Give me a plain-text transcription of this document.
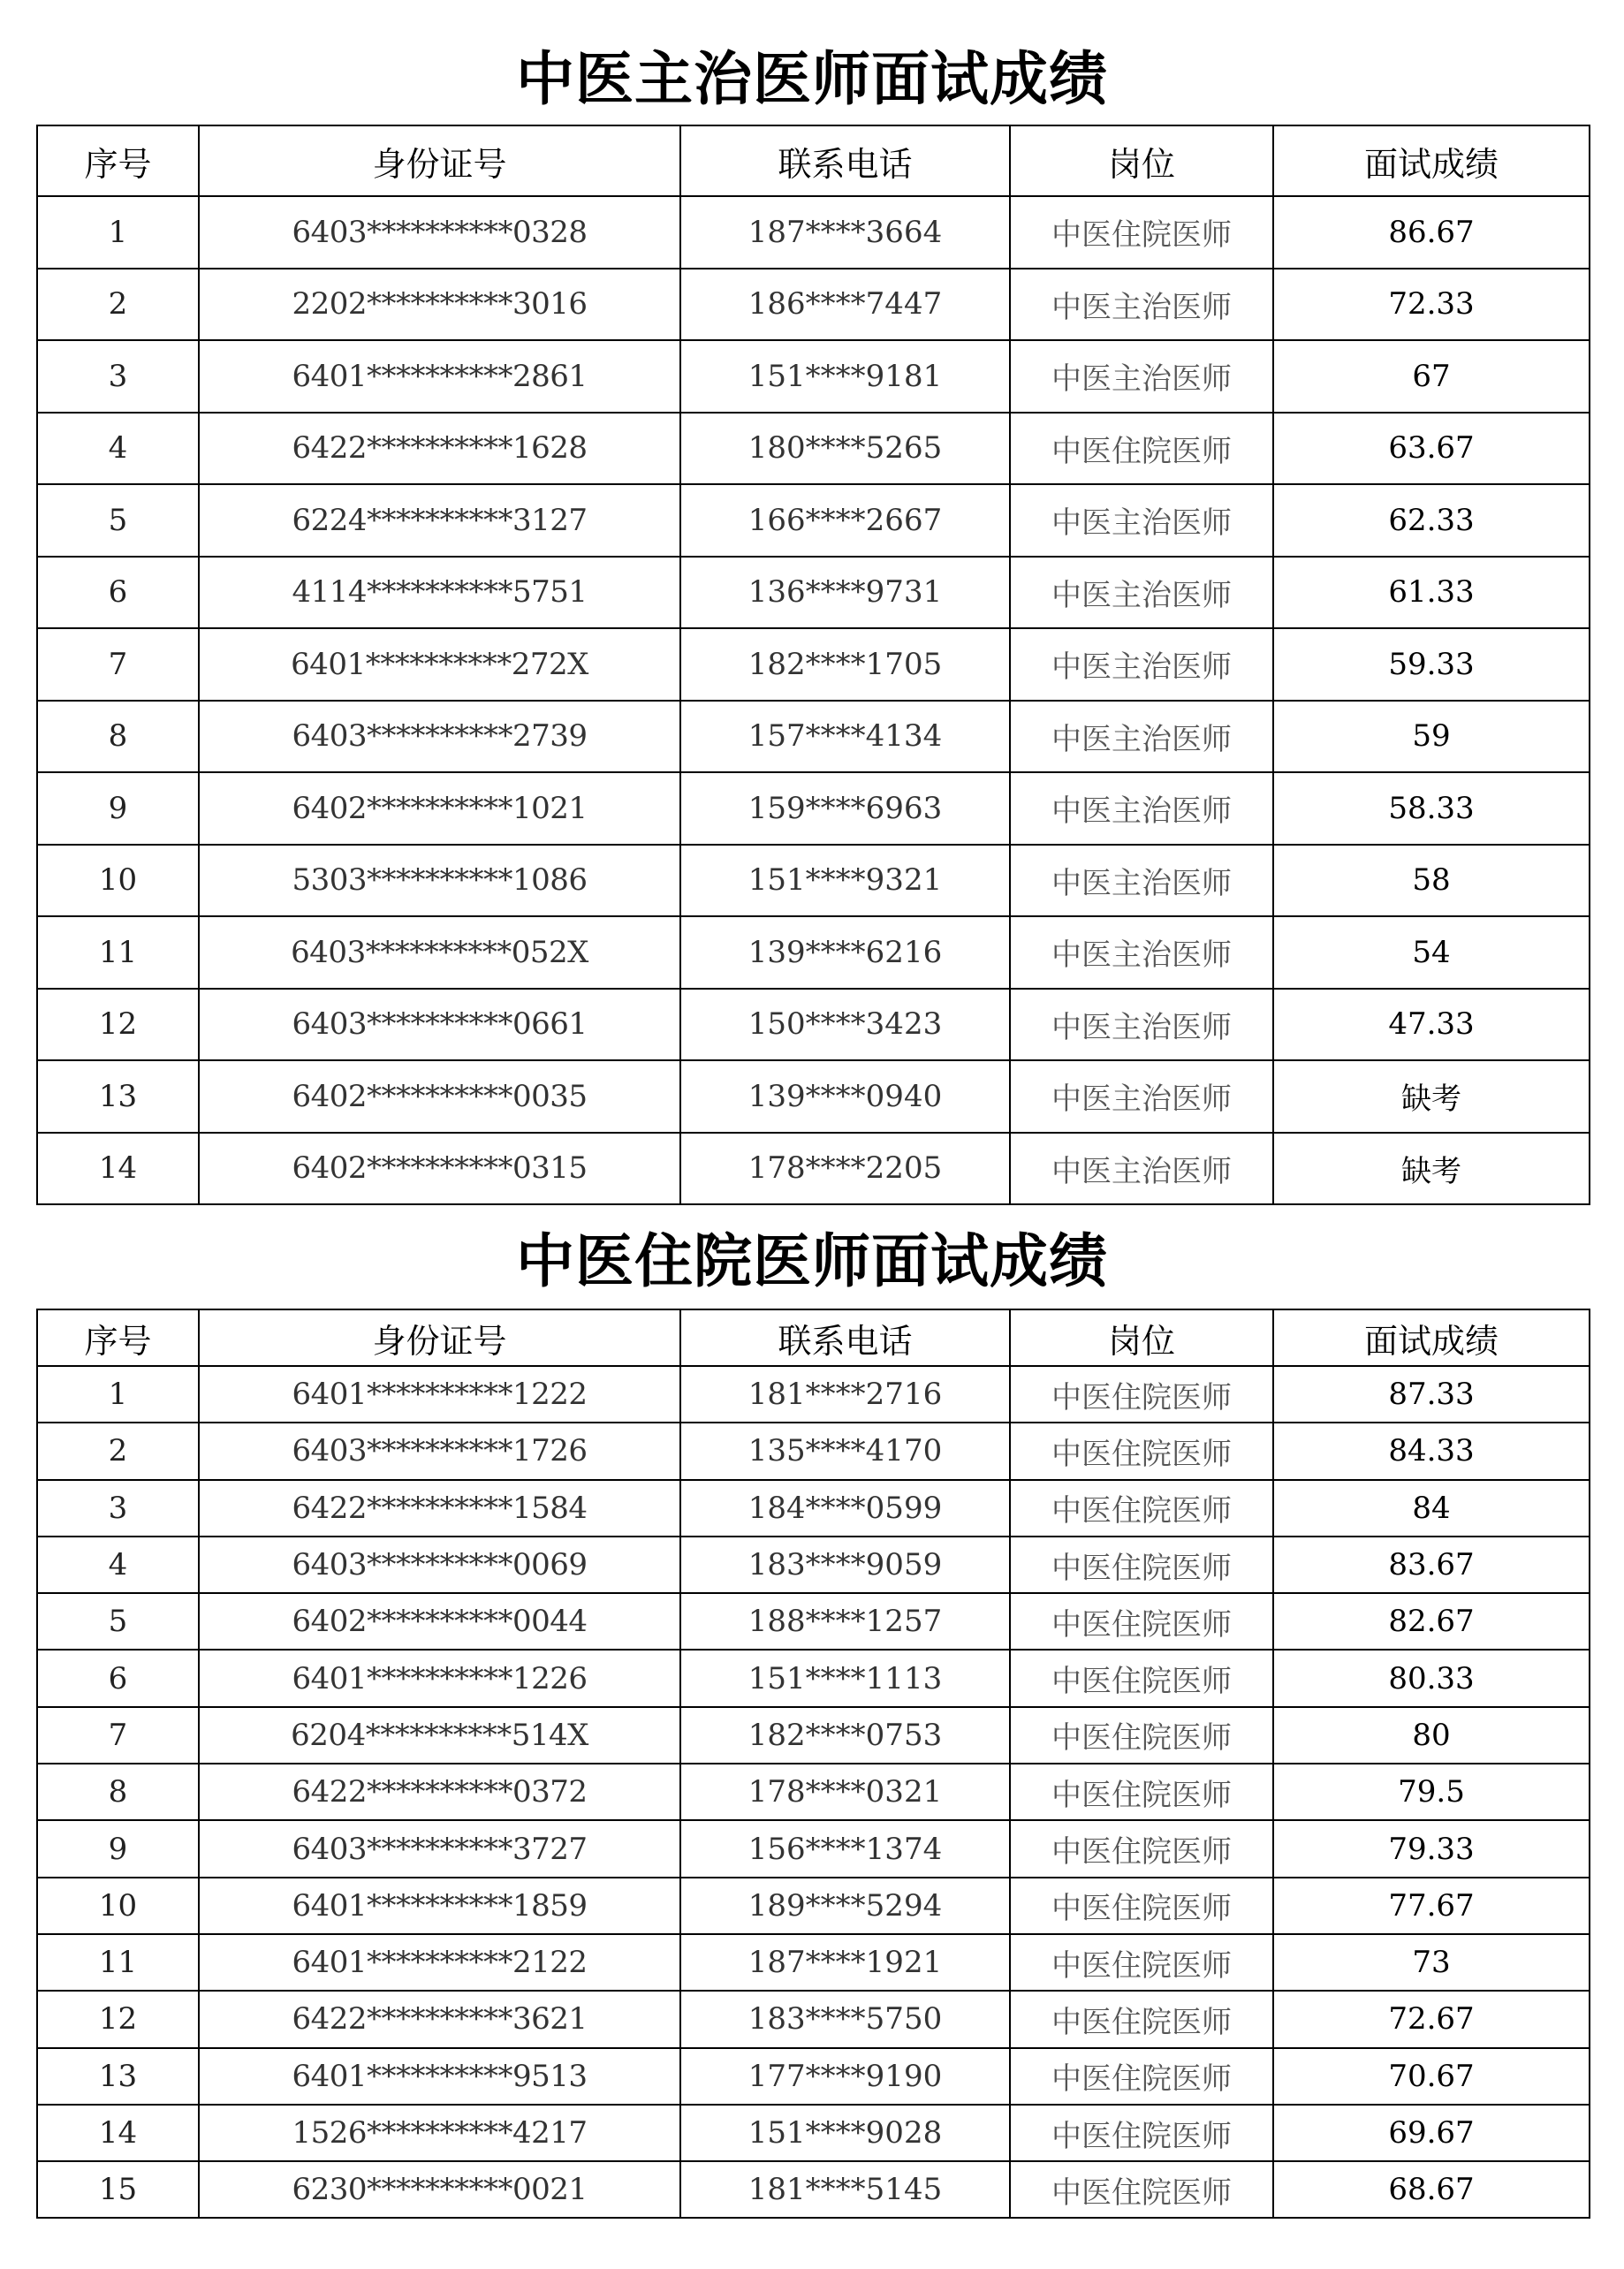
中医主治医师面试成绩
序号	身份证号	联系电话	岗位	面试成绩
1	6403**********0328	187****3664	中医住院医师	86.67
2	2202**********3016	186****7447	中医主治医师	72.33
3	6401**********2861	151****9181	中医主治医师	67
4	6422**********1628	180****5265	中医住院医师	63.67
5	6224**********3127	166****2667	中医主治医师	62.33
6	4114**********5751	136****9731	中医主治医师	61.33
7	6401**********272X	182****1705	中医主治医师	59.33
8	6403**********2739	157****4134	中医主治医师	59
9	6402**********1021	159****6963	中医主治医师	58.33
10	5303**********1086	151****9321	中医主治医师	58
11	6403**********052X	139****6216	中医主治医师	54
12	6403**********0661	150****3423	中医主治医师	47.33
13	6402**********0035	139****0940	中医主治医师	缺考
14	6402**********0315	178****2205	中医主治医师	缺考
中医住院医师面试成绩
序号	身份证号	联系电话	岗位	面试成绩
1	6401**********1222	181****2716	中医住院医师	87.33
2	6403**********1726	135****4170	中医住院医师	84.33
3	6422**********1584	184****0599	中医住院医师	84
4	6403**********0069	183****9059	中医住院医师	83.67
5	6402**********0044	188****1257	中医住院医师	82.67
6	6401**********1226	151****1113	中医住院医师	80.33
7	6204**********514X	182****0753	中医住院医师	80
8	6422**********0372	178****0321	中医住院医师	79.5
9	6403**********3727	156****1374	中医住院医师	79.33
10	6401**********1859	189****5294	中医住院医师	77.67
11	6401**********2122	187****1921	中医住院医师	73
12	6422**********3621	183****5750	中医住院医师	72.67
13	6401**********9513	177****9190	中医住院医师	70.67
14	1526**********4217	151****9028	中医住院医师	69.67
15	6230**********0021	181****5145	中医住院医师	68.67
